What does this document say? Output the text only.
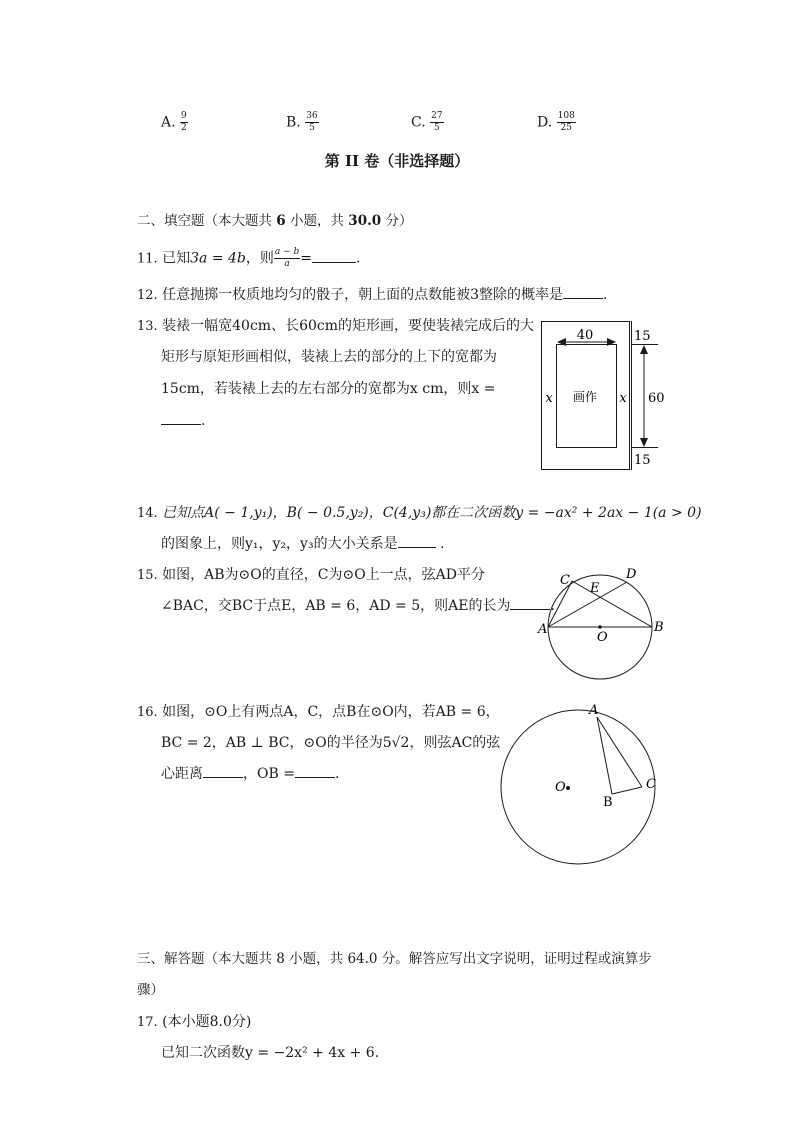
A. $\frac{9}{2}$	B. $\frac{36}{5}$	C. $\frac{27}{5}$	D. $\frac{108}{25}$
第 II 卷（非选择题）
二、填空题（本大题共 6 小题，共 30.0 分）
11. 已知3a = 4b，则 $\frac{a - b}{a}$ =	.
12. 任意抛掷一枚质地均匀的骰子，朝上面的点数能被3整除的概率是	.
13. 装裱一幅宽40cm、长60cm的矩形画，要使装裱完成后的大
矩形与原矩形画相似，装裱上去的部分的上下的宽都为
15cm，若装裱上去的左右部分的宽都为x cm，则x =
.
40	15
60
15
x	x
画作
14. 已知点A( − 1,y₁)，B( − 0.5,y₂)，C(4,y₃)都在二次函数y = −ax² + 2ax − 1(a > 0)
的图象上，则y₁，y₂，y₃的大小关系是	.
15. 如图，AB为⊙O的直径，C为⊙O上一点，弦AD平分
∠BAC，交BC于点E，AB = 6，AD = 5，则AE的长为	.
A	B
C	D
E
O
16. 如图，⊙O上有两点A，C，点B在⊙O内，若AB = 6，
BC = 2，AB ⊥ BC，⊙O的半径为5√2，则弦AC的弦
心距离	，OB =	.
A
B
C
O
三、解答题（本大题共 8 小题，共 64.0 分。解答应写出文字说明，证明过程或演算步
骤）
17. (本小题8.0分)
已知二次函数y = −2x² + 4x + 6.
